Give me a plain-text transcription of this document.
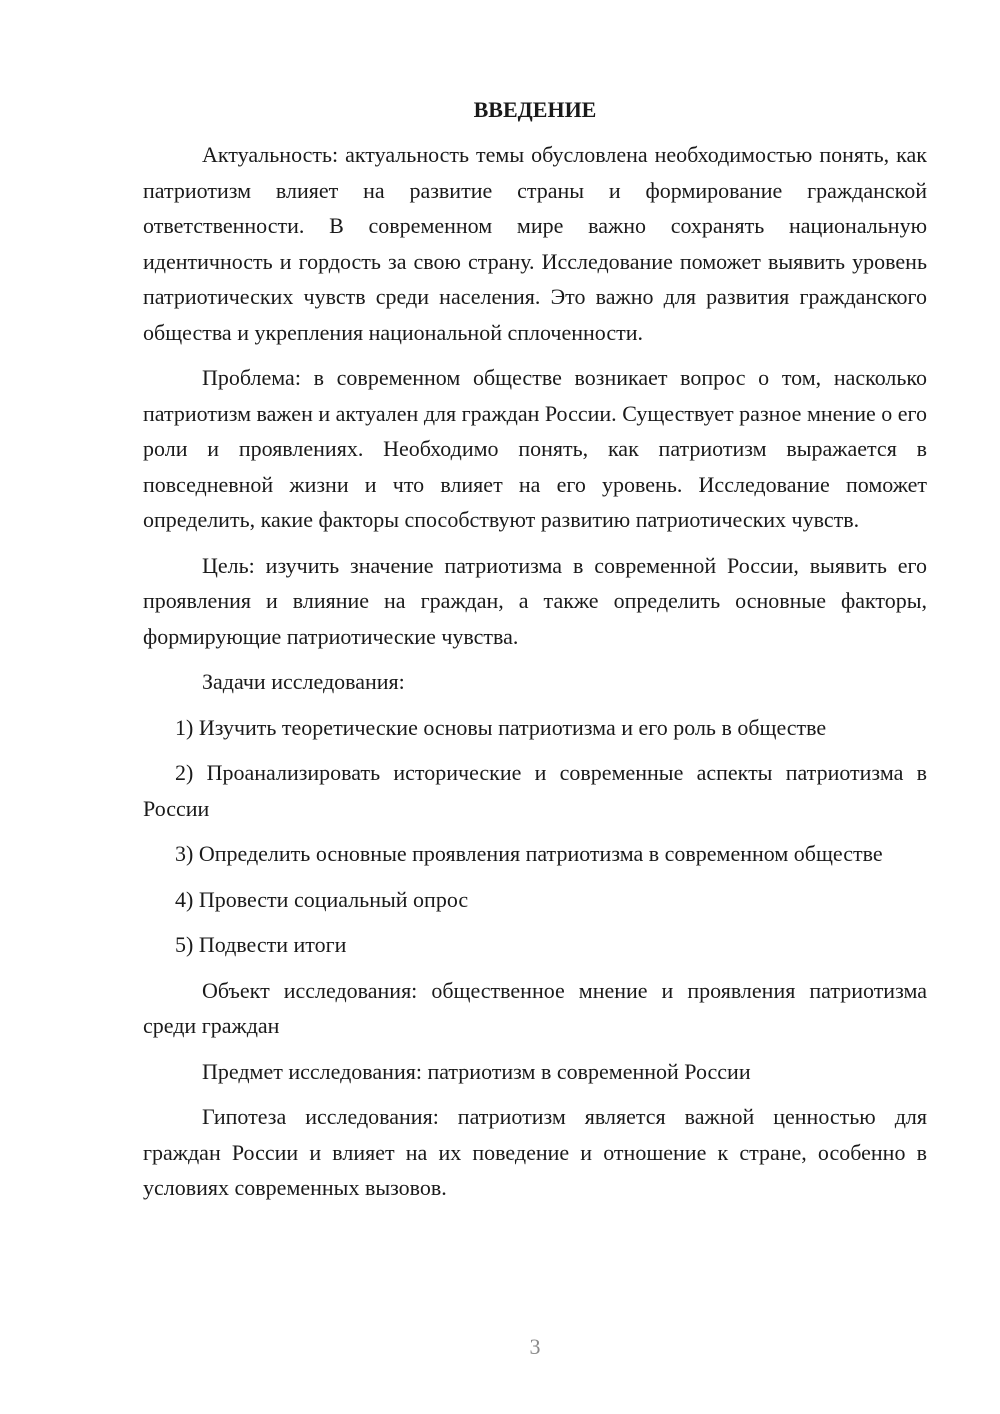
ВВЕДЕНИЕ

Актуальность: актуальность темы обусловлена необходимостью понять, как патриотизм влияет на развитие страны и формирование гражданской ответственности. В современном мире важно сохранять национальную идентичность и гордость за свою страну. Исследование поможет выявить уровень патриотических чувств среди населения. Это важно для развития гражданского общества и укрепления национальной сплоченности.

Проблема: в современном обществе возникает вопрос о том, насколько патриотизм важен и актуален для граждан России. Существует разное мнение о его роли и проявлениях. Необходимо понять, как патриотизм выражается в повседневной жизни и что влияет на его уровень. Исследование поможет определить, какие факторы способствуют развитию патриотических чувств.

Цель: изучить значение патриотизма в современной России, выявить его проявления и влияние на граждан, а также определить основные факторы, формирующие патриотические чувства.

Задачи исследования:

1) Изучить теоретические основы патриотизма и его роль в обществе

2) Проанализировать исторические и современные аспекты патриотизма в России

3) Определить основные проявления патриотизма в современном обществе

4) Провести социальный опрос

5) Подвести итоги

Объект исследования: общественное мнение и проявления патриотизма среди граждан

Предмет исследования: патриотизм в современной России

Гипотеза исследования: патриотизм является важной ценностью для граждан России и влияет на их поведение и отношение к стране, особенно в условиях современных вызовов.

3
